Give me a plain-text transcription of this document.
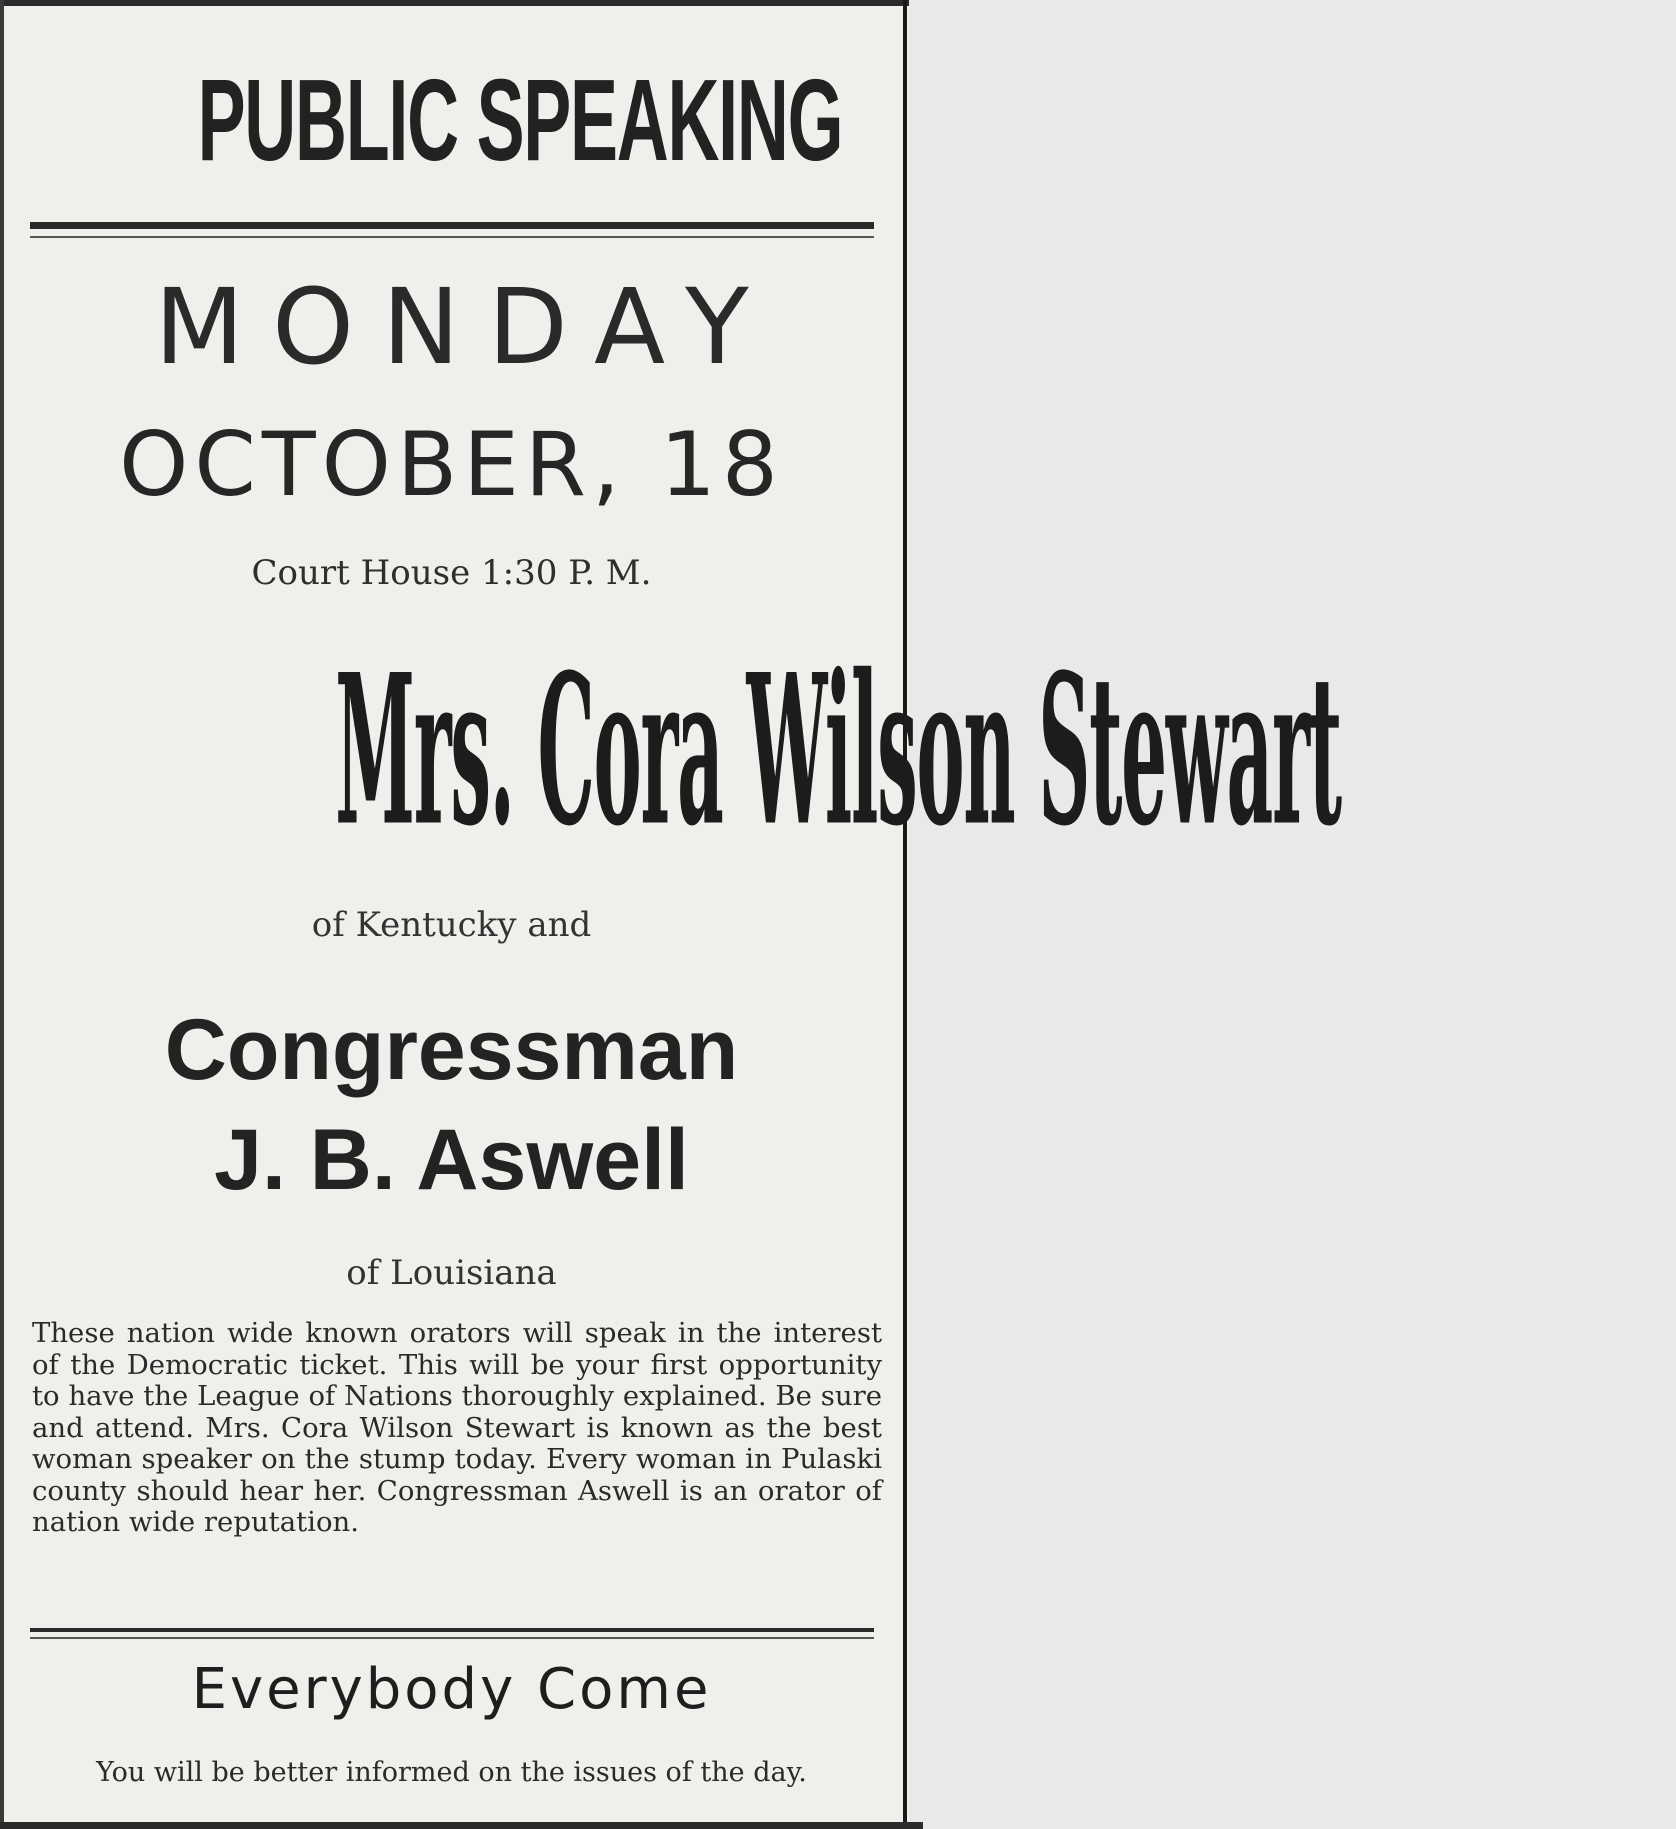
PUBLIC SPEAKING
MONDAY
OCTOBER, 18
Court House 1:30 P. M.
Mrs. Cora Wilson Stewart
of Kentucky and
Congressman
J. B. Aswell
of Louisiana
These nation wide known orators will speak in the interest of the Democratic ticket. This will be your first opportunity to have the League of Nations thoroughly explained. Be sure and attend. Mrs. Cora Wilson Stewart is known as the best woman speaker on the stump today. Every woman in Pulaski county should hear her. Congressman Aswell is an orator of nation wide reputation.
Everybody Come
You will be better informed on the issues of the day.
